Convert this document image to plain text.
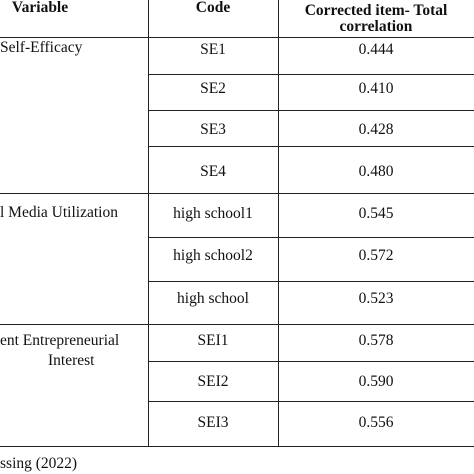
Variable	Code	Corrected item- Total
correlation
Self-Efficacy	SE1	0.444
SE2	0.410
SE3	0.428
SE4	0.480
l Media Utilization	high school1	0.545
high school2	0.572
high school	0.523
ent Entrepreneurial
Interest
SEI1	0.578
SEI2	0.590
SEI3	0.556
ssing (2022)
